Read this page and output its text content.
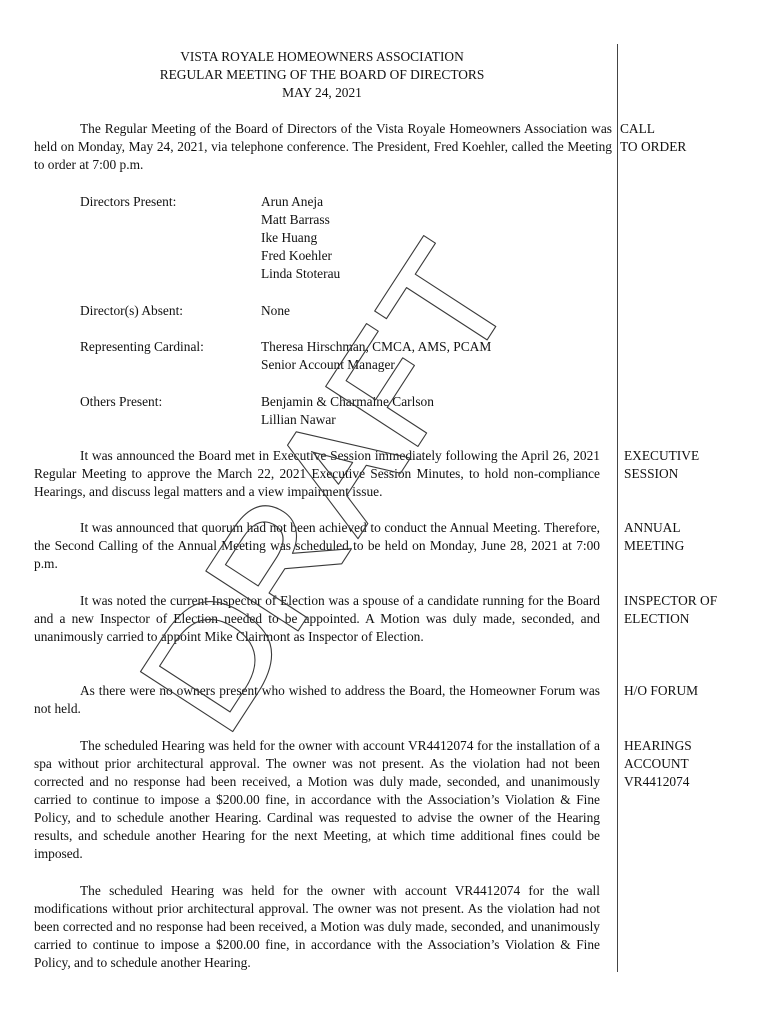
VISTA ROYALE HOMEOWNERS ASSOCIATION
REGULAR MEETING OF THE BOARD OF DIRECTORS
MAY 24, 2021

The Regular Meeting of the Board of Directors of the Vista Royale Homeowners Association was held on Monday, May 24, 2021, via telephone conference. The President, Fred Koehler, called the Meeting to order at 7:00 p.m.

CALL
TO ORDER
Directors Present:	Arun Aneja
Matt Barrass
Ike Huang
Fred Koehler
Linda Stoterau
Director(s) Absent:	None
Representing Cardinal:	Theresa Hirschman, CMCA, AMS, PCAM
Senior Account Manager
Others Present:	Benjamin & Charmaine Carlson
Lillian Nawar

It was announced the Board met in Executive Session immediately following the April 26, 2021 Regular Meeting to approve the March 22, 2021 Executive Session Minutes, to hold non-compliance Hearings, and discuss legal matters and a view impairment issue.

EXECUTIVE
SESSION

It was announced that quorum had not been achieved to conduct the Annual Meeting. Therefore, the Second Calling of the Annual Meeting was scheduled to be held on Monday, June 28, 2021 at 7:00 p.m.

ANNUAL
MEETING

It was noted the current Inspector of Election was a spouse of a candidate running for the Board and a new Inspector of Election needed to be appointed. A Motion was duly made, seconded, and unanimously carried to appoint Mike Clairmont as Inspector of Election.

INSPECTOR OF
ELECTION

As there were no owners present who wished to address the Board, the Homeowner Forum was not held.

H/O FORUM

The scheduled Hearing was held for the owner with account VR4412074 for the installation of a spa without prior architectural approval. The owner was not present. As the violation had not been corrected and no response had been received, a Motion was duly made, seconded, and unanimously carried to continue to impose a $200.00 fine, in accordance with the Association’s Violation & Fine Policy, and to schedule another Hearing. Cardinal was requested to advise the owner of the Hearing results, and schedule another Hearing for the next Meeting, at which time additional fines could be imposed.

HEARINGS
ACCOUNT
VR4412074

The scheduled Hearing was held for the owner with account VR4412074 for the wall modifications without prior architectural approval. The owner was not present. As the violation had not been corrected and no response had been received, a Motion was duly made, seconded, and unanimously carried to continue to impose a $200.00 fine, in accordance with the Association’s Violation & Fine Policy, and to schedule another Hearing.
